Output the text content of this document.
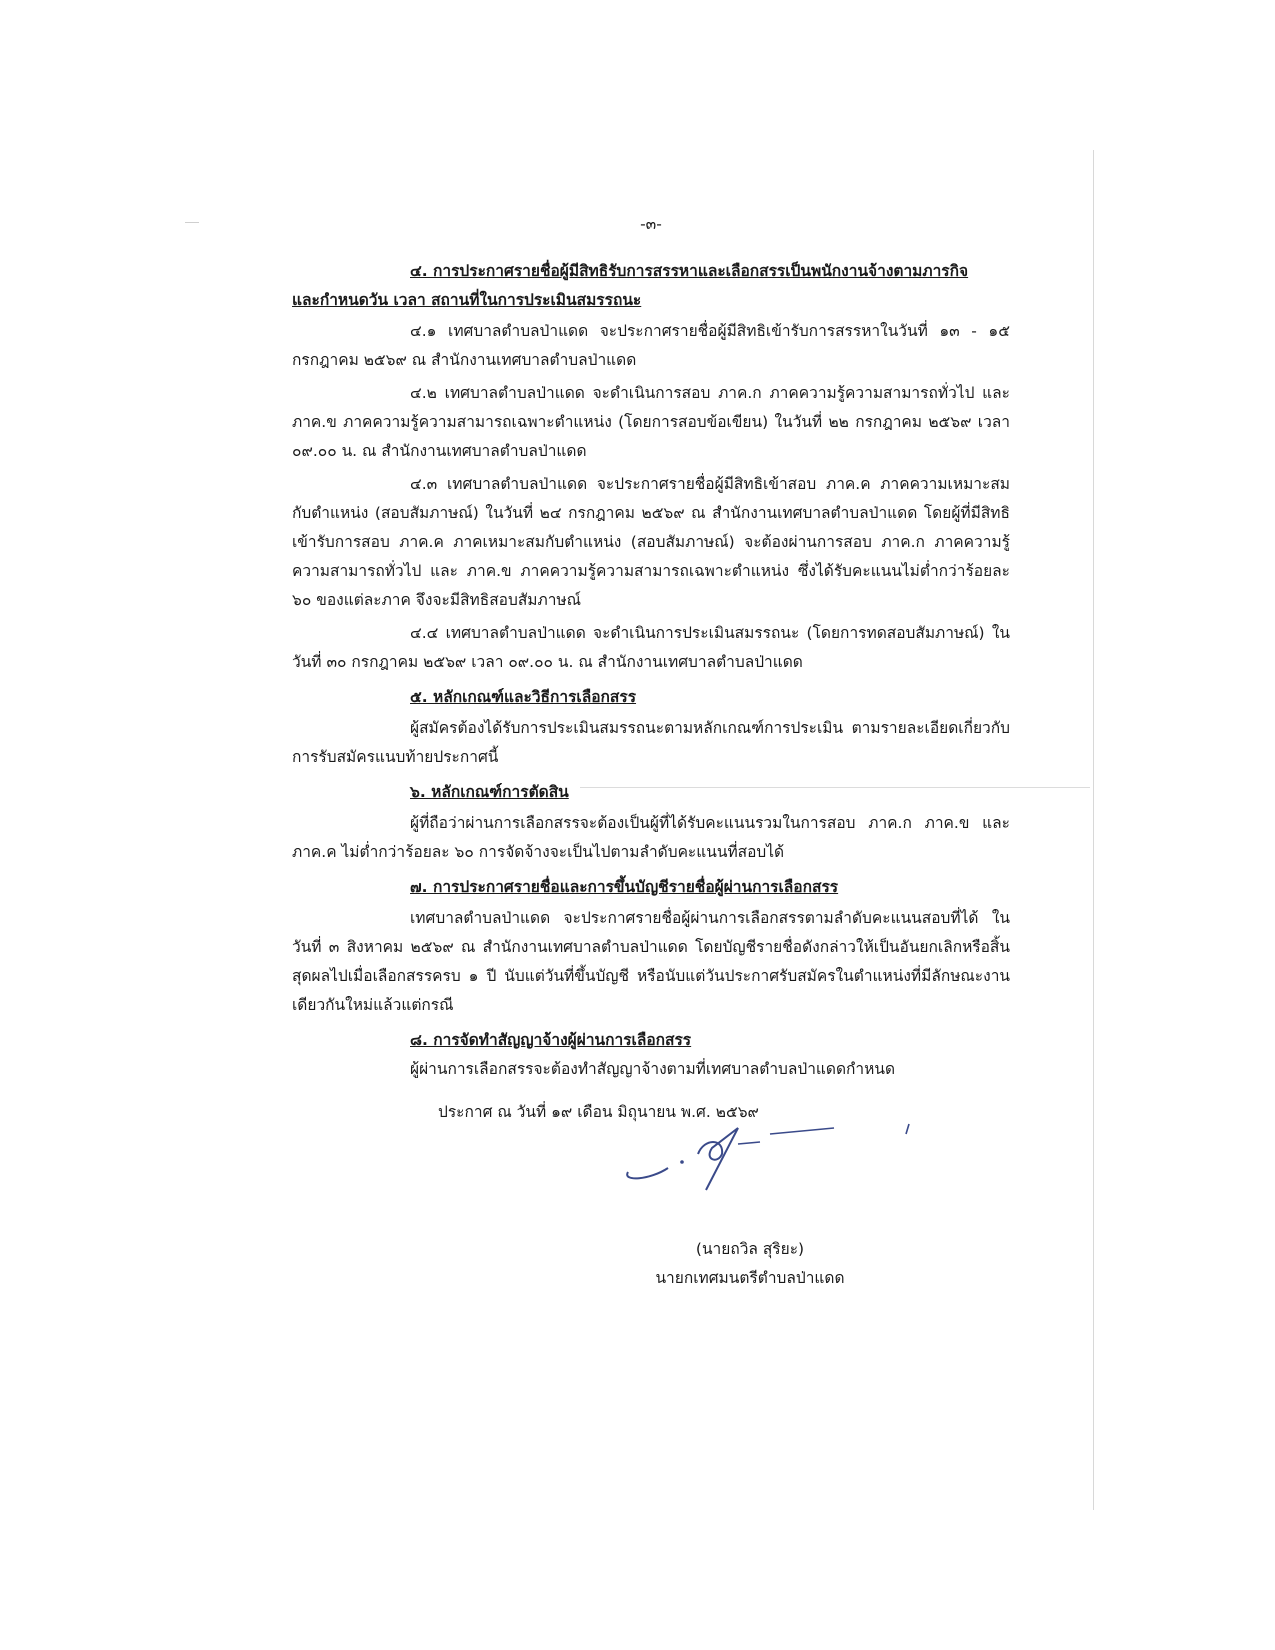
-๓-

๔. การประกาศรายชื่อผู้มีสิทธิรับการสรรหาและเลือกสรรเป็นพนักงานจ้างตามภารกิจ

และกำหนดวัน เวลา สถานที่ในการประเมินสมรรถนะ

๔.๑ เทศบาลตำบลป่าแดด จะประกาศรายชื่อผู้มีสิทธิเข้ารับการสรรหาในวันที่ ๑๓ - ๑๕ กรกฎาคม ๒๕๖๙ ณ สำนักงานเทศบาลตำบลป่าแดด

๔.๒ เทศบาลตำบลป่าแดด จะดำเนินการสอบ ภาค.ก ภาคความรู้ความสามารถทั่วไป และ ภาค.ข ภาคความรู้ความสามารถเฉพาะตำแหน่ง (โดยการสอบข้อเขียน) ในวันที่ ๒๒ กรกฎาคม ๒๕๖๙ เวลา ๐๙.๐๐ น. ณ สำนักงานเทศบาลตำบลป่าแดด

๔.๓ เทศบาลตำบลป่าแดด จะประกาศรายชื่อผู้มีสิทธิเข้าสอบ ภาค.ค ภาคความเหมาะสมกับตำแหน่ง (สอบสัมภาษณ์) ในวันที่ ๒๔ กรกฎาคม ๒๕๖๙ ณ สำนักงานเทศบาลตำบลป่าแดด โดยผู้ที่มีสิทธิเข้ารับการสอบ ภาค.ค ภาคเหมาะสมกับตำแหน่ง (สอบสัมภาษณ์) จะต้องผ่านการสอบ ภาค.ก ภาคความรู้ความสามารถทั่วไป และ ภาค.ข ภาคความรู้ความสามารถเฉพาะตำแหน่ง ซึ่งได้รับคะแนนไม่ต่ำกว่าร้อยละ ๖๐ ของแต่ละภาค จึงจะมีสิทธิสอบสัมภาษณ์

๔.๔ เทศบาลตำบลป่าแดด จะดำเนินการประเมินสมรรถนะ (โดยการทดสอบสัมภาษณ์) ในวันที่ ๓๐ กรกฎาคม ๒๕๖๙ เวลา ๐๙.๐๐ น. ณ สำนักงานเทศบาลตำบลป่าแดด

๕. หลักเกณฑ์และวิธีการเลือกสรร

ผู้สมัครต้องได้รับการประเมินสมรรถนะตามหลักเกณฑ์การประเมิน ตามรายละเอียดเกี่ยวกับการรับสมัครแนบท้ายประกาศนี้

๖. หลักเกณฑ์การตัดสิน

ผู้ที่ถือว่าผ่านการเลือกสรรจะต้องเป็นผู้ที่ได้รับคะแนนรวมในการสอบ ภาค.ก ภาค.ข และ ภาค.ค ไม่ต่ำกว่าร้อยละ ๖๐ การจัดจ้างจะเป็นไปตามลำดับคะแนนที่สอบได้

๗. การประกาศรายชื่อและการขึ้นบัญชีรายชื่อผู้ผ่านการเลือกสรร

เทศบาลตำบลป่าแดด จะประกาศรายชื่อผู้ผ่านการเลือกสรรตามลำดับคะแนนสอบที่ได้ ใน วันที่ ๓ สิงหาคม ๒๕๖๙ ณ สำนักงานเทศบาลตำบลป่าแดด โดยบัญชีรายชื่อดังกล่าวให้เป็นอันยกเลิกหรือสิ้นสุดผลไปเมื่อเลือกสรรครบ ๑ ปี นับแต่วันที่ขึ้นบัญชี หรือนับแต่วันประกาศรับสมัครในตำแหน่งที่มีลักษณะงานเดียวกันใหม่แล้วแต่กรณี

๘. การจัดทำสัญญาจ้างผู้ผ่านการเลือกสรร

ผู้ผ่านการเลือกสรรจะต้องทำสัญญาจ้างตามที่เทศบาลตำบลป่าแดดกำหนด

ประกาศ ณ วันที่ ๑๙ เดือน มิถุนายน พ.ศ. ๒๕๖๙
(นายถวิล สุริยะ)
นายกเทศมนตรีตำบลป่าแดด
